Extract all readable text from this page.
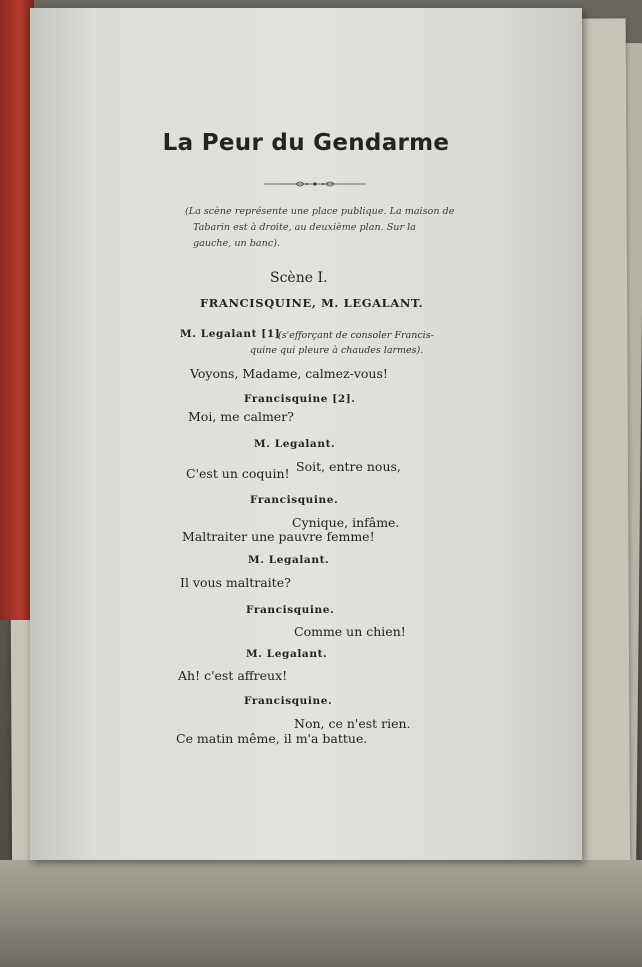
La Peur du Gendarme
(La scène représente une place publique. La maison de
Tabarin est à droite, au deuxième plan. Sur la
gauche, un banc).
Scène I.
FRANCISQUINE, M. LEGALANT.
M. Legalant [1]
(s'efforçant de consoler Francis-
quine qui pleure à chaudes larmes).
Voyons, Madame, calmez-vous!
Francisquine [2].
Moi, me calmer?
M. Legalant.
Soit, entre nous,
C'est un coquin!
Francisquine.
Cynique, infâme.
Maltraiter une pauvre femme!
M. Legalant.
Il vous maltraite?
Francisquine.
Comme un chien!
M. Legalant.
Ah! c'est affreux!
Francisquine.
Non, ce n'est rien.
Ce matin même, il m'a battue.
